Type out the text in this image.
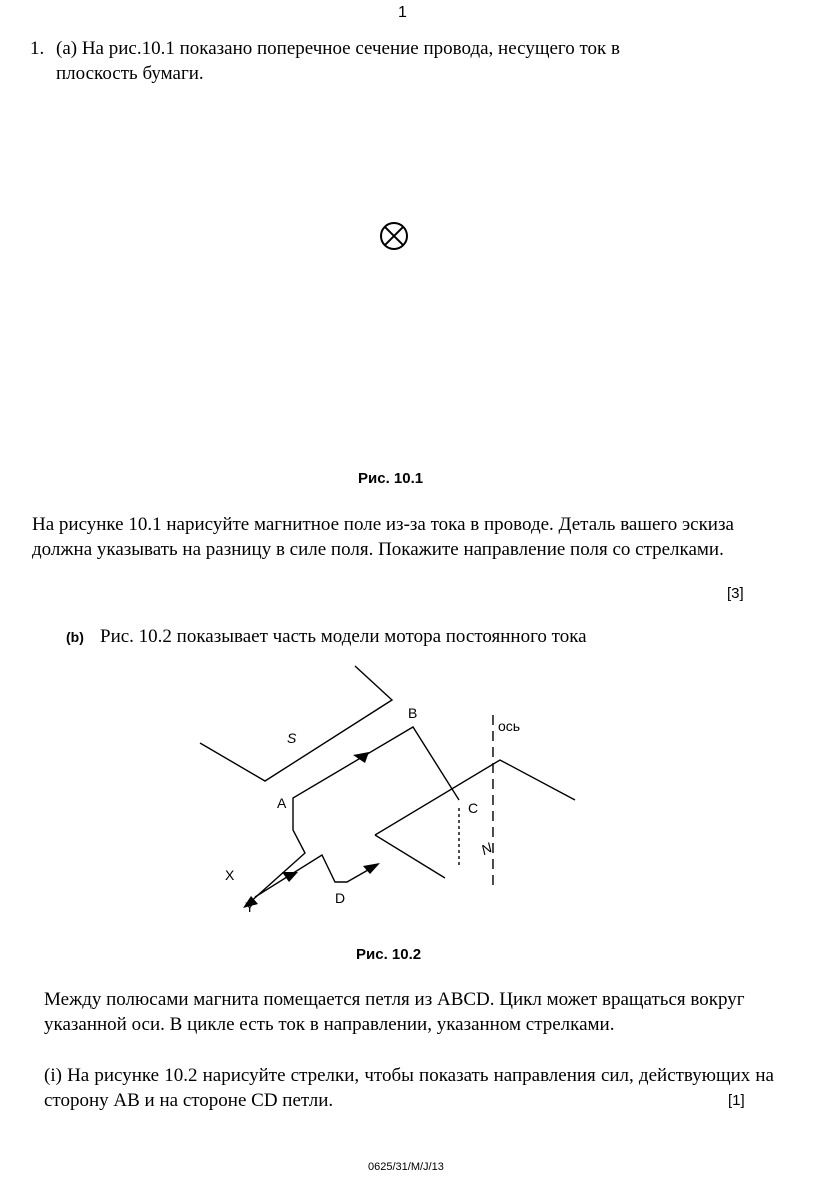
1
1. (a) На рис.10.1 показано поперечное сечение провода, несущего ток в
плоскость бумаги.
Рис. 10.1
На рисунке 10.1 нарисуйте магнитное поле из-за тока в проводе. Деталь вашего эскиза должна указывать на разницу в силе поля. Покажите направление поля со стрелками.
[3]
(b) Рис. 10.2 показывает часть модели мотора постоянного тока
S
N
B
A	C
D
X
Y
ось
Рис. 10.2
Между полюсами магнита помещается петля из ABCD. Цикл может вращаться вокруг указанной оси. В цикле есть ток в направлении, указанном стрелками.
(i) На рисунке 10.2 нарисуйте стрелки, чтобы показать направления сил, действующих на сторону AB и на стороне CD петли.	[1]
0625/31/M/J/13
